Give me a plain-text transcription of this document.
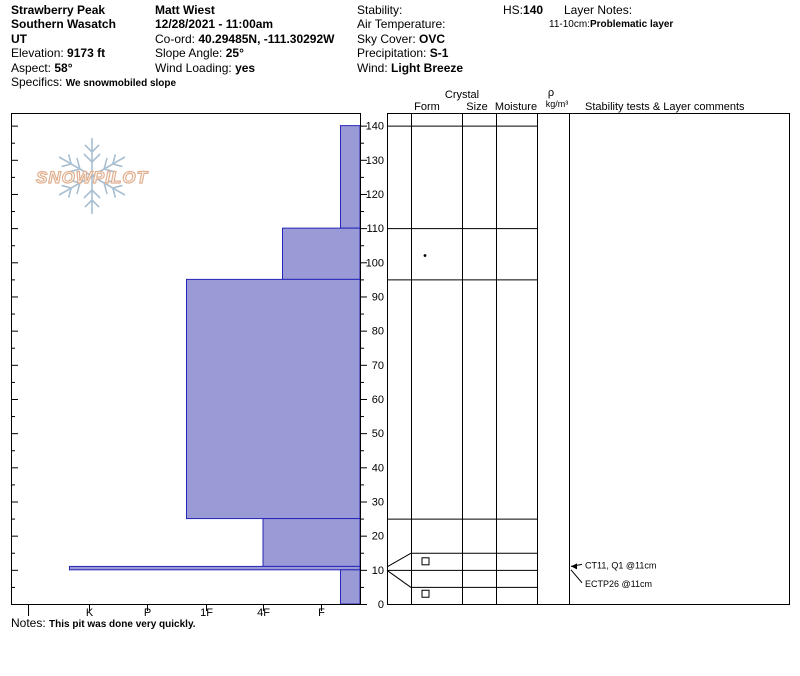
Strawberry Peak
Southern Wasatch
UT
Elevation: 9173 ft
Aspect: 58°
Specifics: We snowmobiled slope
Matt Wiest
12/28/2021 - 11:00am
Co-ord: 40.29485N, -111.30292W
Slope Angle: 25°
Wind Loading: yes
Stability:
Air Temperature:
Sky Cover: OVC
Precipitation: S-1
Wind: Light Breeze
HS:140 Layer Notes:
11-10cm:Problematic layer
Notes: This pit was done very quickly.
SNOWPILOT
I	K	P	1F	4F	F
0
10
20
30
40
50
60
70
80
90
100
110
120
130
140
CT11, Q1 @11cm
ECTP26 @11cm
Crystal
Form Size Moisture
ρ
kg/m³ Stability tests & Layer comments
